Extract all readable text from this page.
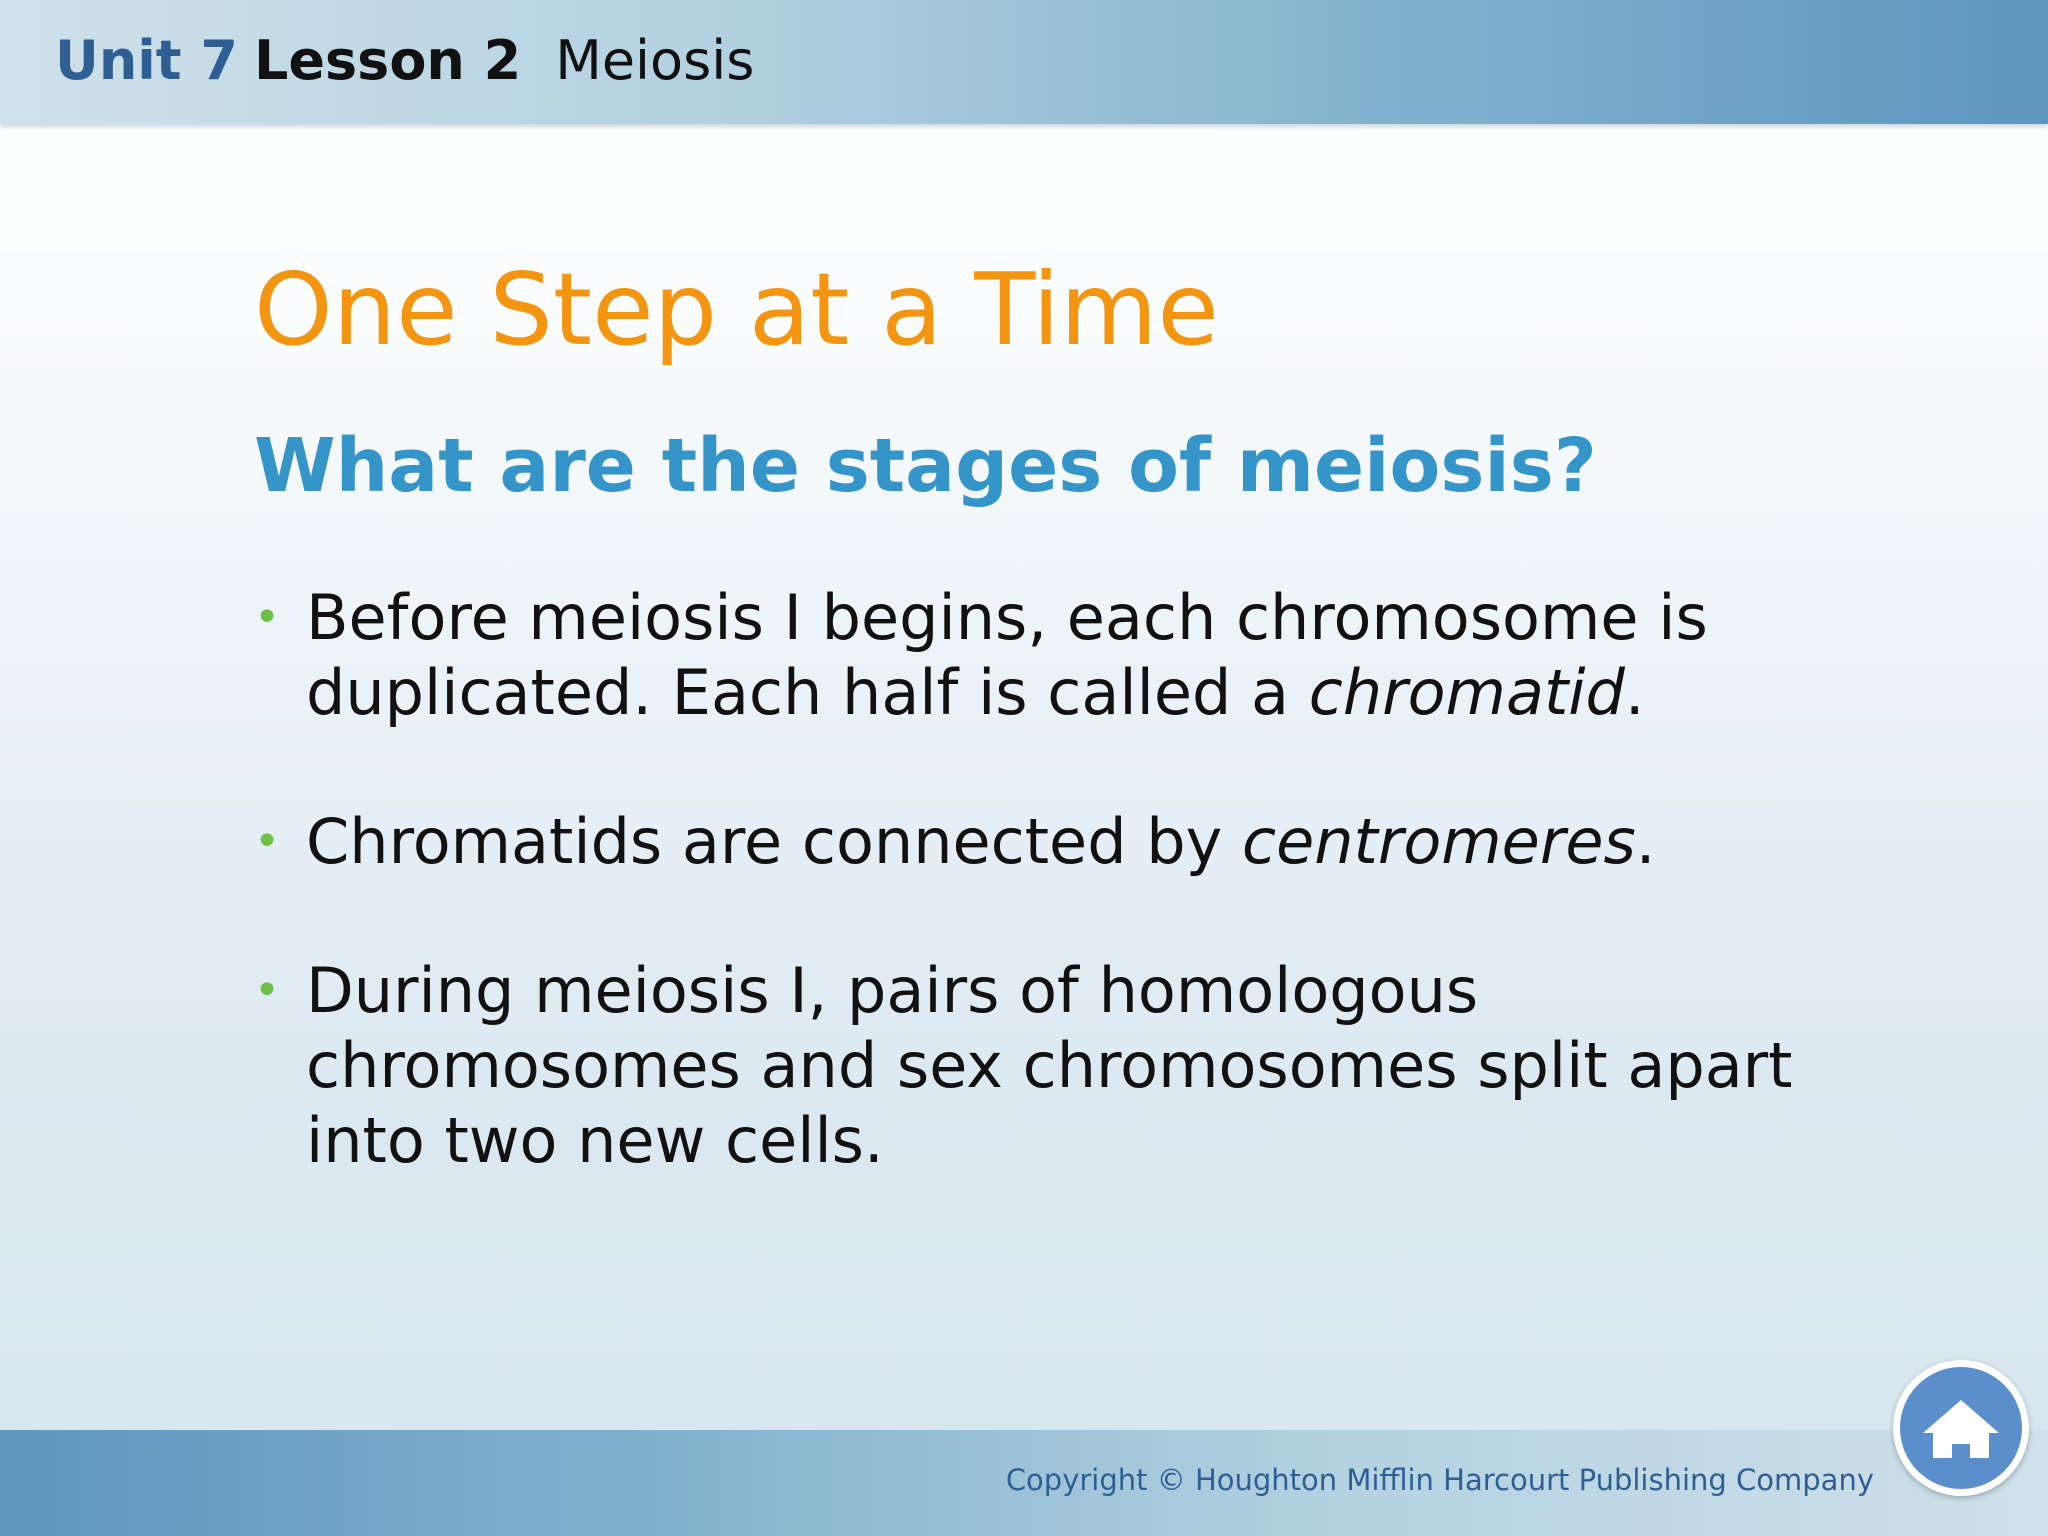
Unit 7 Lesson 2 Meiosis
One Step at a Time
What are the stages of meiosis?
• Before meiosis I begins, each chromosome is duplicated. Each half is called a chromatid.
• Chromatids are connected by centromeres.
• During meiosis I, pairs of homologous chromosomes and sex chromosomes split apart into two new cells.
Copyright © Houghton Mifflin Harcourt Publishing Company
